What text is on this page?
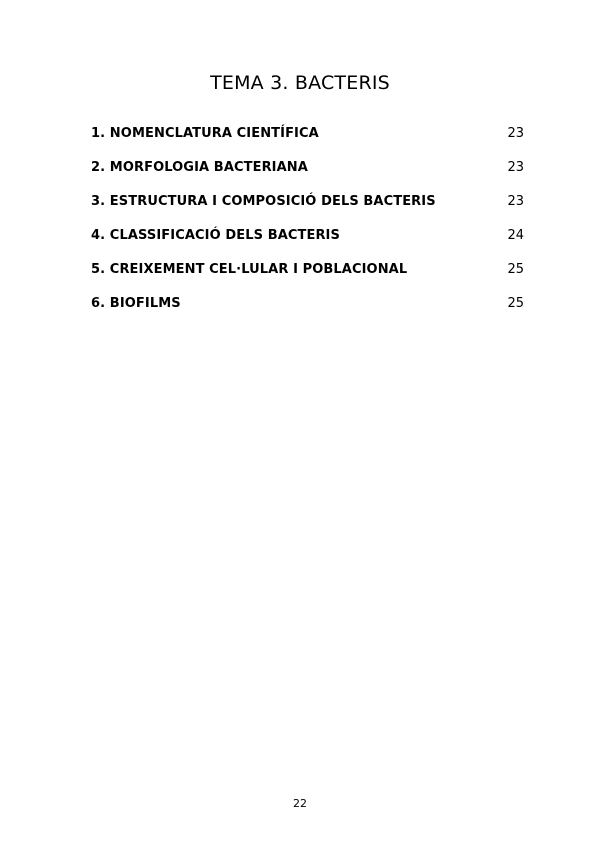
TEMA 3. BACTERIS
1. NOMENCLATURA CIENTÍFICA	23
2. MORFOLOGIA BACTERIANA	23
3. ESTRUCTURA I COMPOSICIÓ DELS BACTERIS	23
4. CLASSIFICACIÓ DELS BACTERIS	24
5. CREIXEMENT CEL·LULAR I POBLACIONAL	25
6. BIOFILMS	25
22
